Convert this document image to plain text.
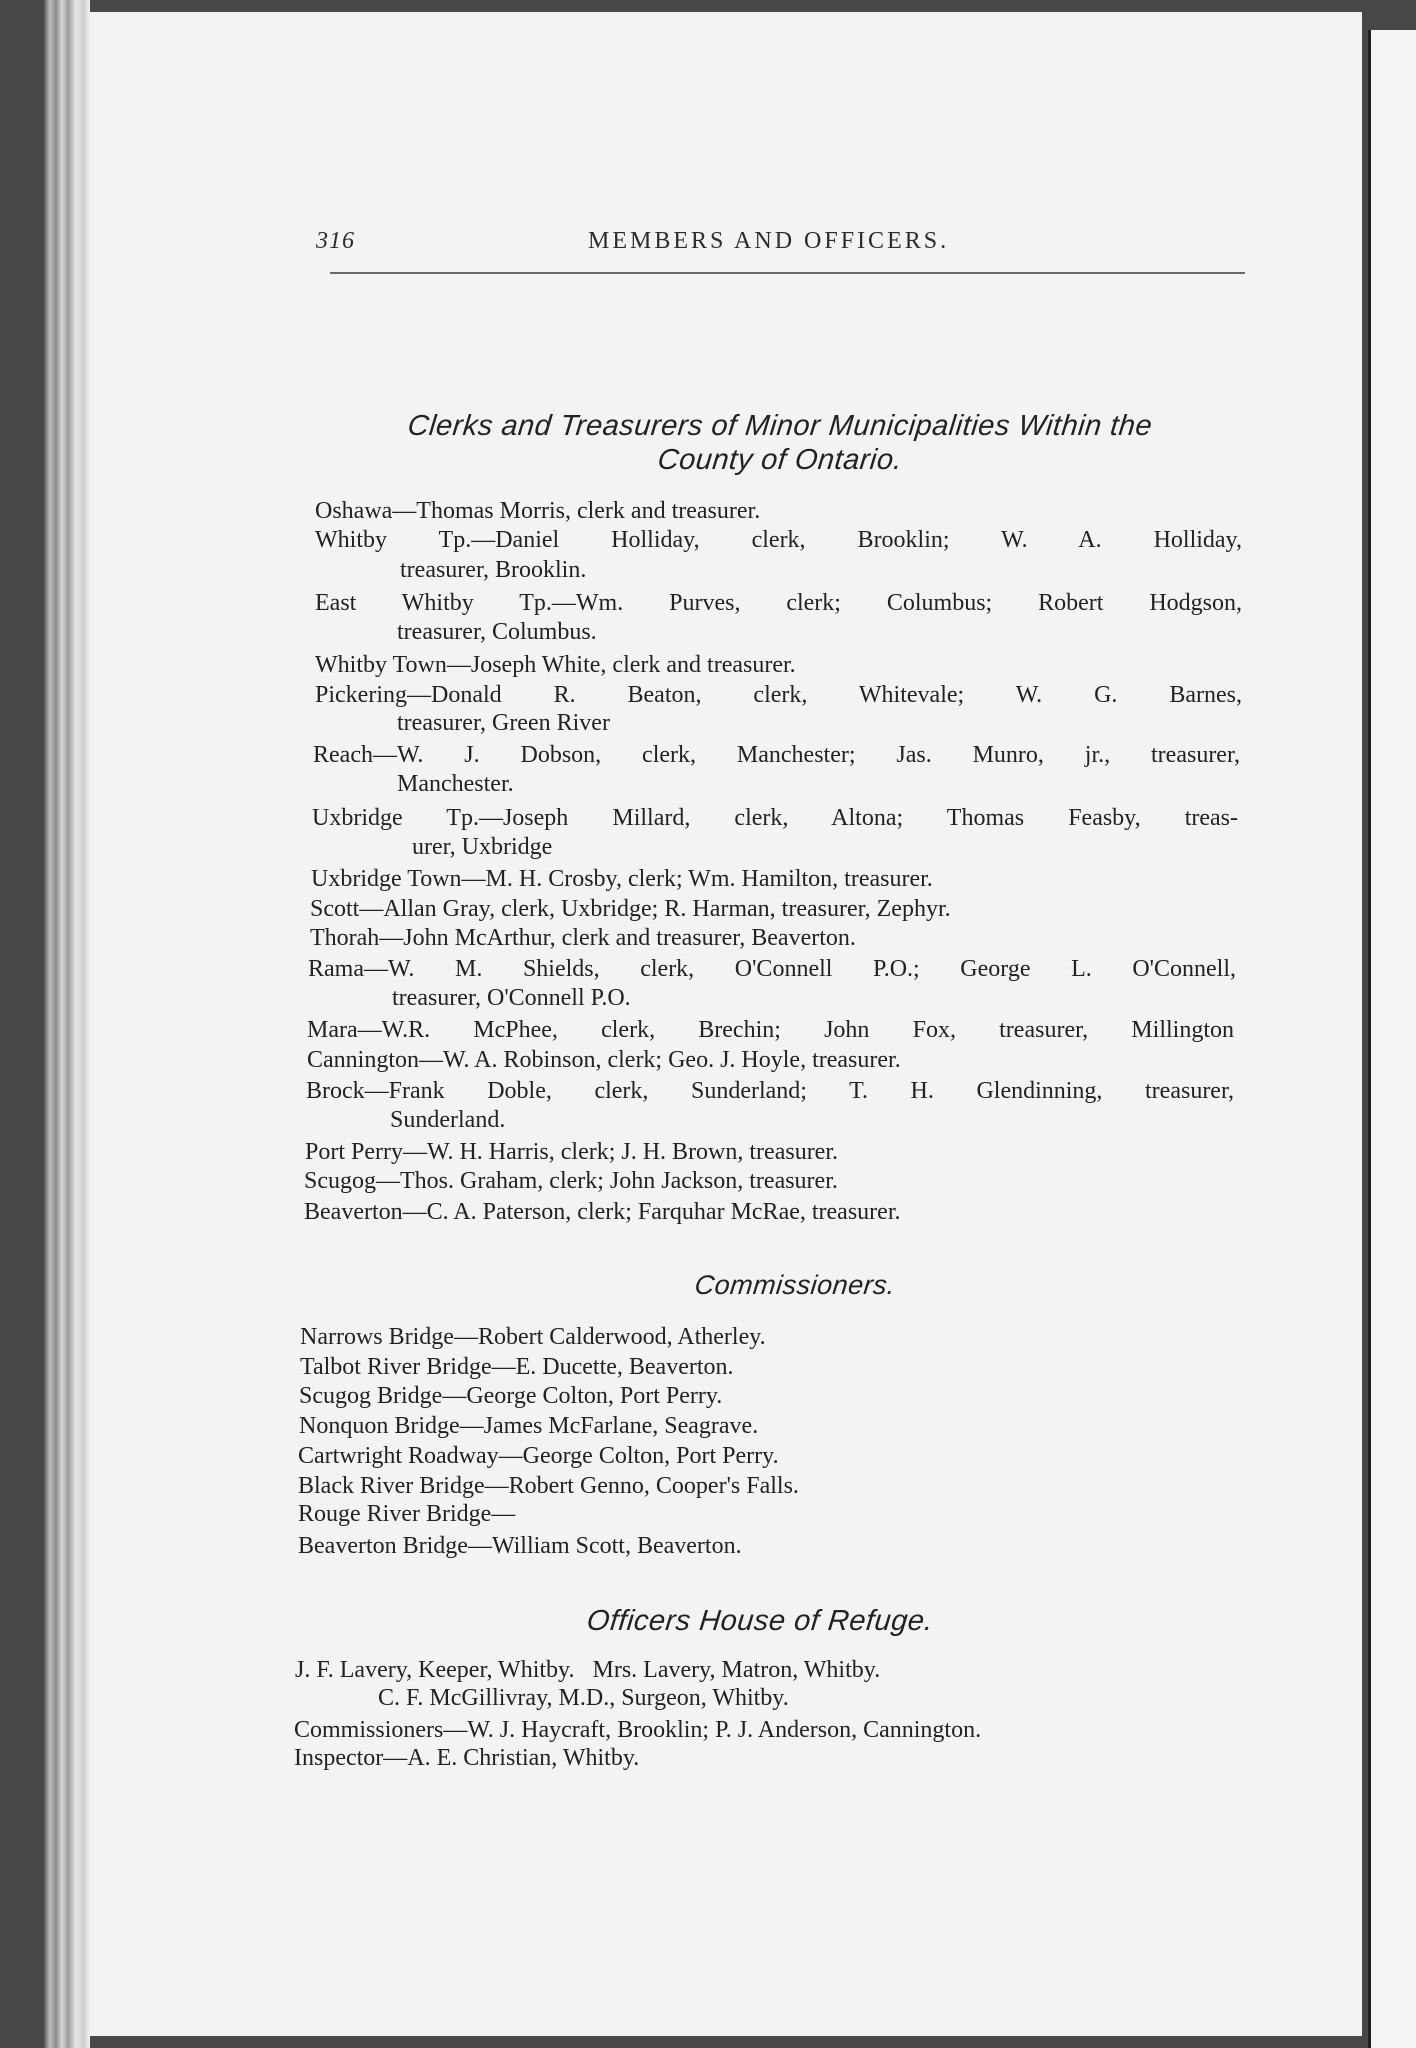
316	MEMBERS AND OFFICERS.
Clerks and Treasurers of Minor Municipalities Within the
County of Ontario.
Oshawa—Thomas Morris, clerk and treasurer.
Whitby Tp.—Daniel Holliday, clerk, Brooklin; W. A. Holliday,
treasurer, Brooklin.
East Whitby Tp.—Wm. Purves, clerk; Columbus; Robert Hodgson,
treasurer, Columbus.
Whitby Town—Joseph White, clerk and treasurer.
Pickering—Donald R. Beaton, clerk, Whitevale; W. G. Barnes,
treasurer, Green River
Reach—W. J. Dobson, clerk, Manchester; Jas. Munro, jr., treasurer,
Manchester.
Uxbridge Tp.—Joseph Millard, clerk, Altona; Thomas Feasby, treas-
urer, Uxbridge
Uxbridge Town—M. H. Crosby, clerk; Wm. Hamilton, treasurer.
Scott—Allan Gray, clerk, Uxbridge; R. Harman, treasurer, Zephyr.
Thorah—John McArthur, clerk and treasurer, Beaverton.
Rama—W. M. Shields, clerk, O'Connell P.O.; George L. O'Connell,
treasurer, O'Connell P.O.
Mara—W.R. McPhee, clerk, Brechin; John Fox, treasurer, Millington
Cannington—W. A. Robinson, clerk; Geo. J. Hoyle, treasurer.
Brock—Frank Doble, clerk, Sunderland; T. H. Glendinning, treasurer,
Sunderland.
Port Perry—W. H. Harris, clerk; J. H. Brown, treasurer.
Scugog—Thos. Graham, clerk; John Jackson, treasurer.
Beaverton—C. A. Paterson, clerk; Farquhar McRae, treasurer.
Commissioners.
Narrows Bridge—Robert Calderwood, Atherley.
Talbot River Bridge—E. Ducette, Beaverton.
Scugog Bridge—George Colton, Port Perry.
Nonquon Bridge—James McFarlane, Seagrave.
Cartwright Roadway—George Colton, Port Perry.
Black River Bridge—Robert Genno, Cooper's Falls.
Rouge River Bridge—
Beaverton Bridge—William Scott, Beaverton.
Officers House of Refuge.
J. F. Lavery, Keeper, Whitby.   Mrs. Lavery, Matron, Whitby.
C. F. McGillivray, M.D., Surgeon, Whitby.
Commissioners—W. J. Haycraft, Brooklin; P. J. Anderson, Cannington.
Inspector—A. E. Christian, Whitby.
